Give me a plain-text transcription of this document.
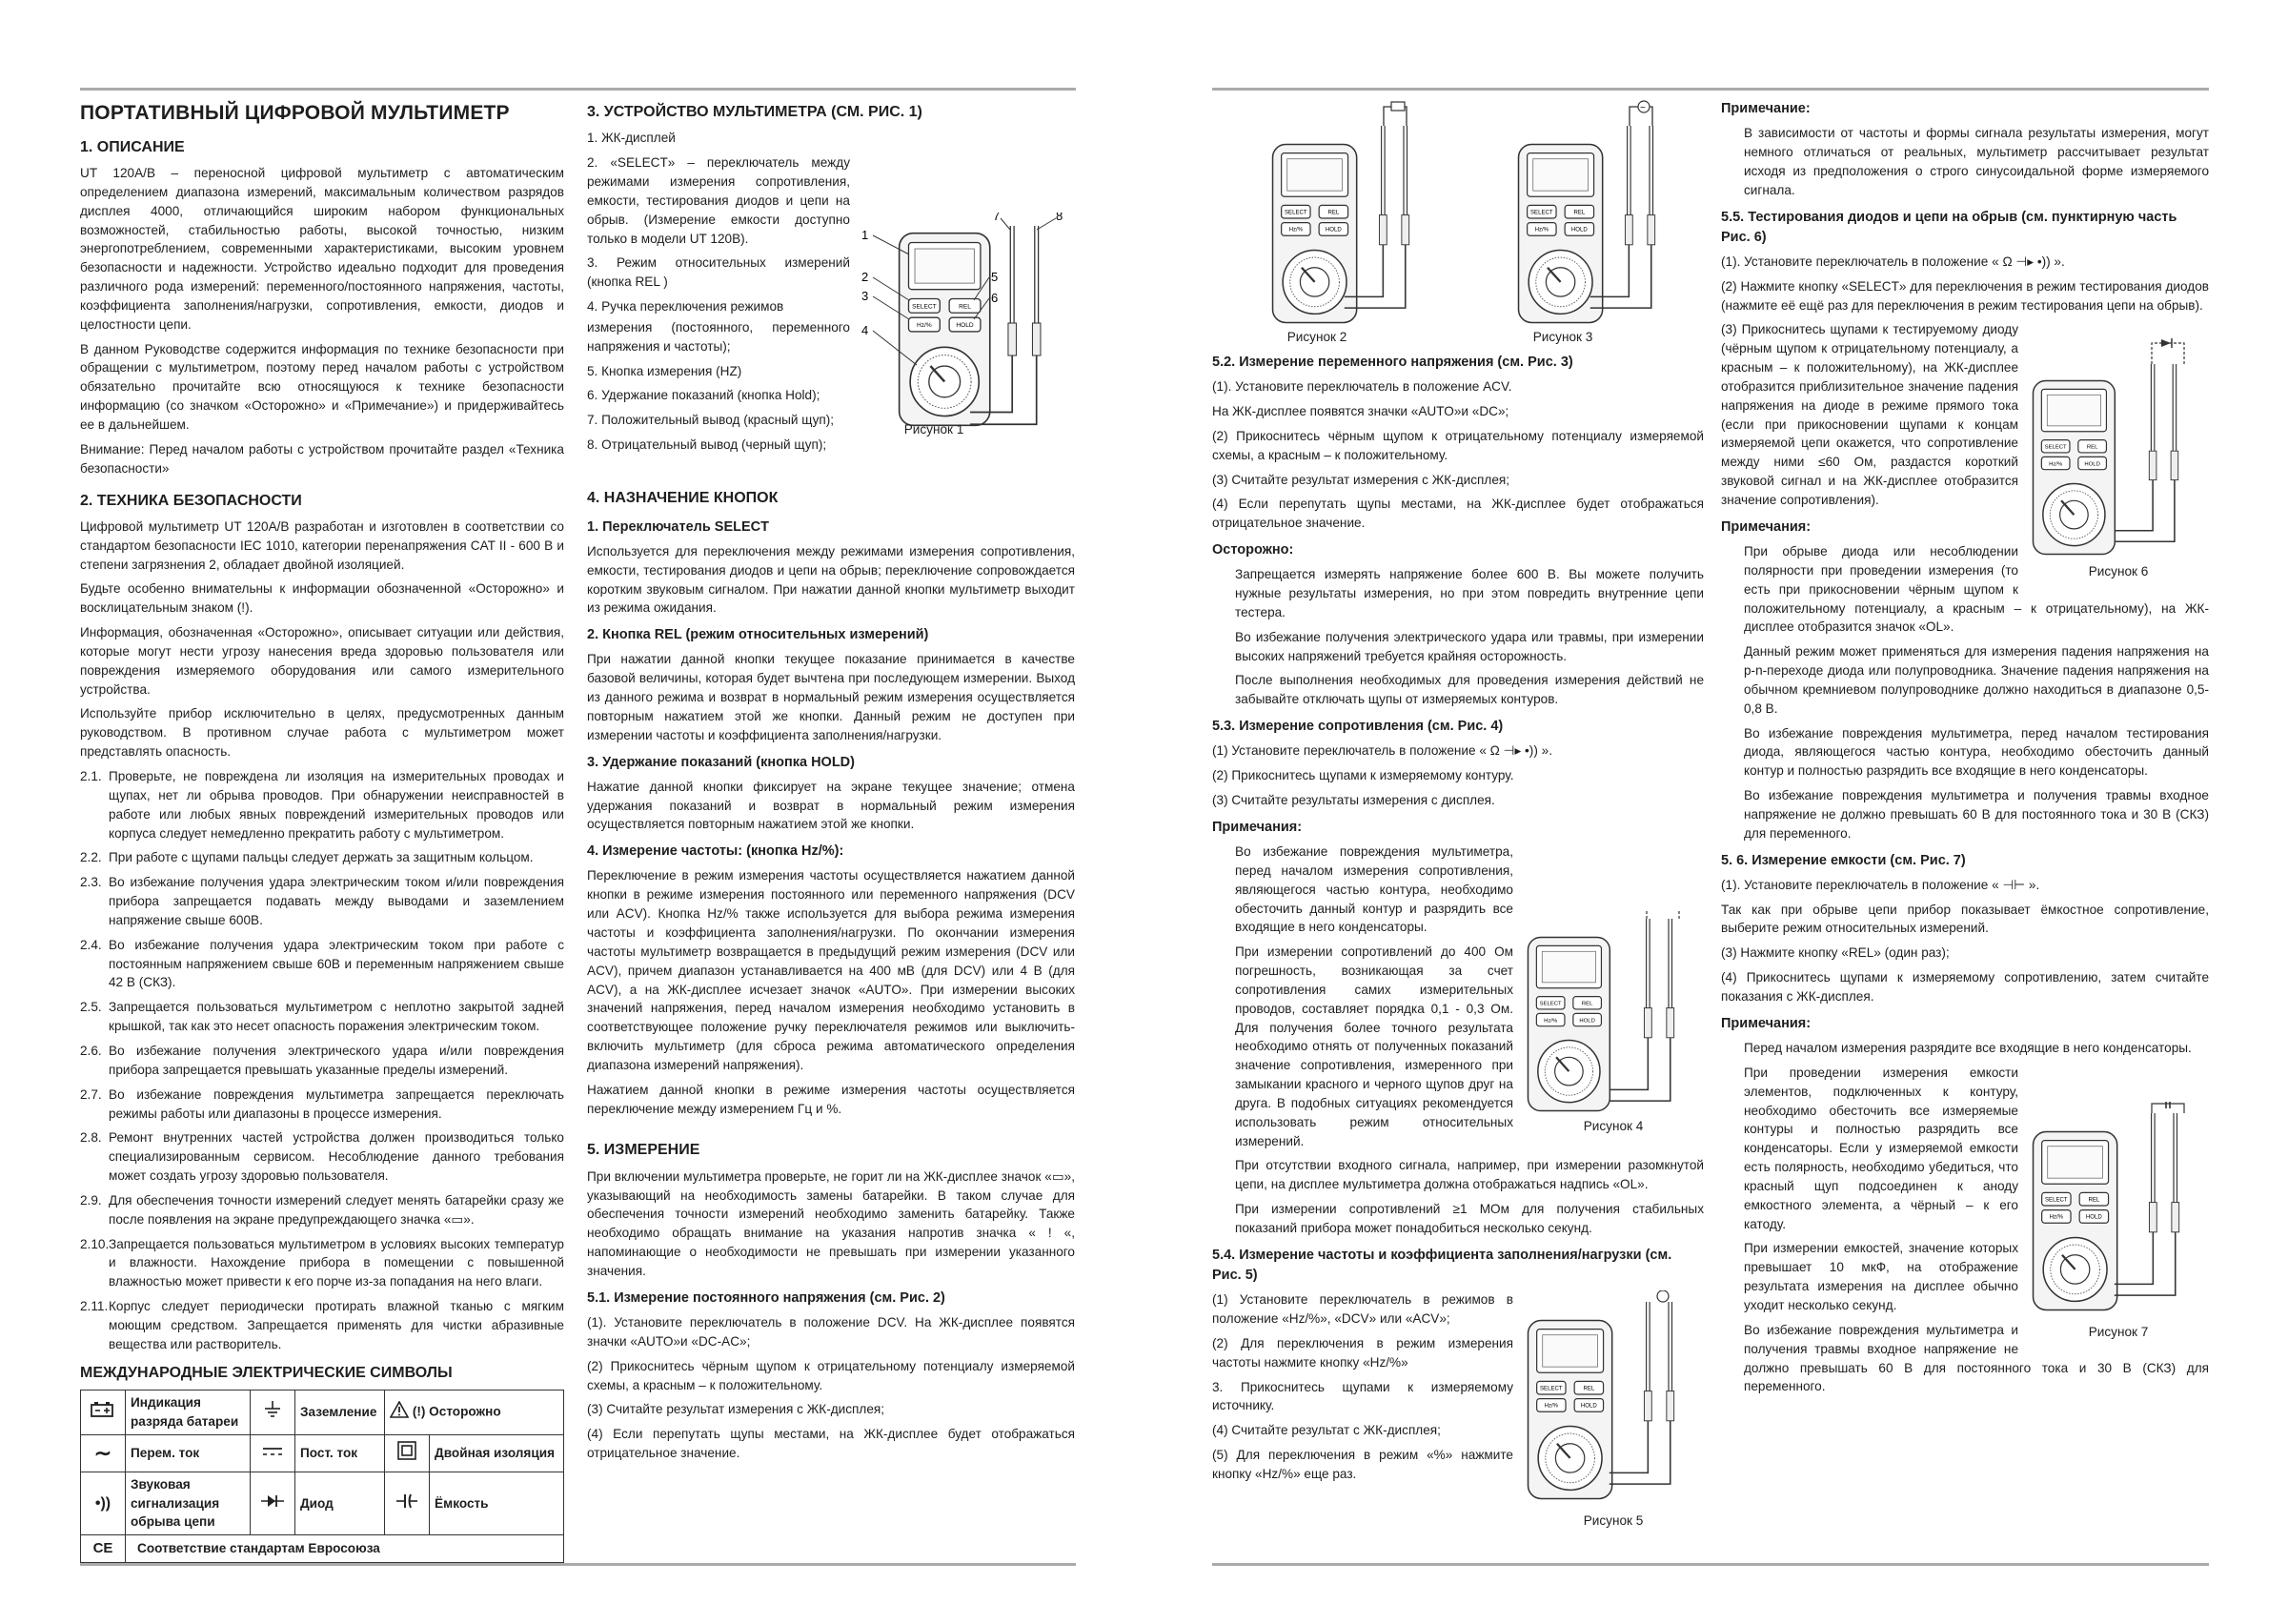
ПОРТАТИВНЫЙ ЦИФРОВОЙ МУЛЬТИМЕТР
1. ОПИСАНИЕ

UT 120A/B – переносной цифровой мультиметр с автоматическим определением диапазона измерений, максимальным количеством разрядов дисплея 4000, отличающийся широким набором функциональных возможностей, стабильностью работы, высокой точностью, низким энергопотреблением, современными характеристиками, высоким уровнем безопасности и надежности. Устройство идеально подходит для проведения различного рода измерений: переменного/постоянного напряжения, частоты, коэффициента заполнения/нагрузки, сопротивления, емкости, диодов и целостности цепи.

В данном Руководстве содержится информация по технике безопасности при обращении с мультиметром, поэтому перед началом работы с устройством обязательно прочитайте всю относящуюся к технике безопасности информацию (со значком «Осторожно» и «Примечание») и придерживайтесь ее в дальнейшем.

Внимание: Перед началом работы с устройством прочитайте раздел «Техника безопасности»

2. ТЕХНИКА БЕЗОПАСНОСТИ

Цифровой мультиметр UT 120A/B разработан и изготовлен в соответствии со стандартом безопасности IEC 1010, категории перенапряжения CAT II - 600 В и степени загрязнения 2, обладает двойной изоляцией.

Будьте особенно внимательны к информации обозначенной «Осторожно» и восклицательным знаком (!).

Информация, обозначенная «Осторожно», описывает ситуации или действия, которые могут нести угрозу нанесения вреда здоровью пользователя или повреждения измеряемого оборудования или самого измерительного устройства.

Используйте прибор исключительно в целях, предусмотренных данным руководством. В противном случае работа с мультиметром может представлять опасность.

2.1. Проверьте, не повреждена ли изоляция на измерительных проводах и щупах, нет ли обрыва проводов. При обнаружении неисправностей в работе или любых явных повреждений измерительных проводов или корпуса следует немедленно прекратить работу с мультиметром.
2.2. При работе с щупами пальцы следует держать за защитным кольцом.
2.3. Во избежание получения удара электрическим током и/или повреждения прибора запрещается подавать между выводами и заземлением напряжение свыше 600В.
2.4. Во избежание получения удара электрическим током при работе с постоянным напряжением свыше 60В и переменным напряжением свыше 42 В (СКЗ).
2.5. Запрещается пользоваться мультиметром с неплотно закрытой задней крышкой, так как это несет опасность поражения электрическим током.
2.6. Во избежание получения электрического удара и/или повреждения прибора запрещается превышать указанные пределы измерений.
2.7. Во избежание повреждения мультиметра запрещается переключать режимы работы или диапазоны в процессе измерения.
2.8. Ремонт внутренних частей устройства должен производиться только специализированным сервисом. Несоблюдение данного требования может создать угрозу здоровью пользователя.
2.9. Для обеспечения точности измерений следует менять батарейки сразу же после появления на экране предупреждающего значка «▭».
2.10. Запрещается пользоваться мультиметром в условиях высоких температур и влажности. Нахождение прибора в помещении с повышенной влажностью может привести к его порче из-за попадания на него влаги.
2.11. Корпус следует периодически протирать влажной тканью с мягким моющим средством. Запрещается применять для чистки абразивные вещества или растворитель.
МЕЖДУНАРОДНЫЕ ЭЛЕКТРИЧЕСКИЕ СИМВОЛЫ
	Индикация разряда батареи		Заземление	(!) Осторожно	
∼	Перем. ток		Пост. ток		Двойная изоляция
•))	Звуковая сигнализация обрыва цепи		Диод		Ёмкость
CE	Соответствие стандартам Евросоюза				
3. УСТРОЙСТВО МУЛЬТИМЕТРА (СМ. РИС. 1)

1. ЖК-дисплей

2. «SELECT» – переключатель между режимами измерения сопротивления, емкости, тестирования диодов и цепи на обрыв. (Измерение емкости доступно только в модели UT 120B).

3. Режим относительных измерений (кнопка REL )

4. Ручка переключения режимов

измерения (постоянного, переменного напряжения и частоты);

5. Кнопка измерения (HZ)

6. Удержание показаний (кнопка Hold);

7. Положительный вывод (красный щуп);

8. Отрицательный вывод (черный щуп);

1
2
3
4
5
6
7	8
Рисунок 1
4. НАЗНАЧЕНИЕ КНОПОК
1. Переключатель SELECT

Используется для переключения между режимами измерения сопротивления, емкости, тестирования диодов и цепи на обрыв; переключение сопровождается коротким звуковым сигналом. При нажатии данной кнопки мультиметр выходит из режима ожидания.

2. Кнопка REL (режим относительных измерений)

При нажатии данной кнопки текущее показание принимается в качестве базовой величины, которая будет вычтена при последующем измерении. Выход из данного режима и возврат в нормальный режим измерения осуществляется повторным нажатием этой же кнопки. Данный режим не доступен при измерении частоты и коэффициента заполнения/нагрузки.

3. Удержание показаний (кнопка HOLD)

Нажатие данной кнопки фиксирует на экране текущее значение; отмена удержания показаний и возврат в нормальный режим измерения осуществляется повторным нажатием этой же кнопки.

4. Измерение частоты: (кнопка Hz/%):

Переключение в режим измерения частоты осуществляется нажатием данной кнопки в режиме измерения постоянного или переменного напряжения (DCV или ACV). Кнопка Hz/% также используется для выбора режима измерения частоты и коэффициента заполнения/нагрузки. По окончании измерения частоты мультиметр возвращается в предыдущий режим измерения (DCV или ACV), причем диапазон устанавливается на 400 мВ (для DCV) или 4 В (для ACV), а на ЖК-дисплее исчезает значок «AUTO». При измерении высоких значений напряжения, перед началом измерения необходимо установить в соответствующее положение ручку переключателя режимов или выключить-включить мультиметр (для сброса режима автоматического определения диапазона измерений напряжения).

Нажатием данной кнопки в режиме измерения частоты осуществляется переключение между измерением Гц и %.

5. ИЗМЕРЕНИЕ

При включении мультиметра проверьте, не горит ли на ЖК-дисплее значок «▭», указывающий на необходимость замены батарейки. В таком случае для обеспечения точности измерений необходимо заменить батарейку. Также необходимо обращать внимание на указания напротив значка « ! «, напоминающие о необходимости не превышать при измерении указанного значения.

5.1. Измерение постоянного напряжения (см. Рис. 2)

(1). Установите переключатель в положение DCV. На ЖК-дисплее появятся значки «AUTO»и «DC-AC»;

(2) Прикоснитесь чёрным щупом к отрицательному потенциалу измеряемой схемы, а красным – к положительному.

(3) Считайте результат измерения с ЖК-дисплея;

(4) Если перепутать щупы местами, на ЖК-дисплее будет отображаться отрицательное значение.

Рисунок 2
~
Рисунок 3
5.2. Измерение переменного напряжения (см. Рис. 3)

(1). Установите переключатель в положение ACV.

На ЖК-дисплее появятся значки «AUTO»и «DC»;

(2) Прикоснитесь чёрным щупом к отрицательному потенциалу измеряемой схемы, а красным – к положительному.

(3) Считайте результат измерения с ЖК-дисплея;

(4) Если перепутать щупы местами, на ЖК-дисплее будет отображаться отрицательное значение.

Осторожно:

Запрещается измерять напряжение более 600 В. Вы можете получить нужные результаты измерения, но при этом повредить внутренние цепи тестера.

Во избежание получения электрического удара или травмы, при измерении высоких напряжений требуется крайняя осторожность.

После выполнения необходимых для проведения измерения действий не забывайте отключать щупы от измеряемых контуров.

5.3. Измерение сопротивления (см. Рис. 4)

(1) Установите переключатель в положение « Ω ⊣▸ •)) ».

(2) Прикоснитесь щупами к измеряемому контуру.

(3) Считайте результаты измерения с дисплея.

Примечания:
Рисунок 4

Во избежание повреждения мультиметра, перед началом измерения сопротивления, являющегося частью контура, необходимо обесточить данный контур и разрядить все входящие в него конденсаторы.

При измерении сопротивлений до 400 Ом погрешность, возникающая за счет сопротивления самих измерительных проводов, составляет порядка 0,1 - 0,3 Ом. Для получения более точного результата необходимо отнять от полученных показаний значение сопротивления, измеренного при замыкании красного и черного щупов друг на друга. В подобных ситуациях рекомендуется использовать режим относительных измерений.

При отсутствии входного сигнала, например, при измерении разомкнутой цепи, на дисплее мультиметра должна отображаться надпись «OL».

При измерении сопротивлений ≥1 МОм для получения стабильных показаний прибора может понадобиться несколько секунд.

5.4. Измерение частоты и коэффициента заполнения/нагрузки (см. Рис. 5)
Рисунок 5

(1) Установите переключатель в режимов в положение «Hz/%», «DCV» или «ACV»;

(2) Для переключения в режим измерения частоты нажмите кнопку «Hz/%»

3. Прикоснитесь щупами к измеряемому источнику.

(4) Считайте результат с ЖК-дисплея;

(5) Для переключения в режим «%» нажмите кнопку «Hz/%» еще раз.

Примечание:

В зависимости от частоты и формы сигнала результаты измерения, могут немного отличаться от реальных, мультиметр рассчитывает результат исходя из предположения о строго синусоидальной форме измеряемого сигнала.

5.5. Тестирования диодов и цепи на обрыв (см. пунктирную часть Рис. 6)

(1). Установите переключатель в положение « Ω ⊣▸ •)) ».

(2) Нажмите кнопку «SELECT» для переключения в режим тестирования диодов (нажмите её ещё раз для переключения в режим тестирования цепи на обрыв).

Рисунок 6

(3) Прикоснитесь щупами к тестируемому диоду (чёрным щупом к отрицательному потенциалу, а красным – к положительному), на ЖК-дисплее отобразится приблизительное значение падения напряжения на диоде в режиме прямого тока (если при прикосновении щупами к концам измеряемой цепи окажется, что сопротивление между ними ≤60 Ом, раздастся короткий звуковой сигнал и на ЖК-дисплее отобразится значение сопротивления).

Примечания:

При обрыве диода или несоблюдении полярности при проведении измерения (то есть при прикосновении чёрным щупом к положительному потенциалу, а красным – к отрицательному), на ЖК-дисплее отобразится значок «OL».

Данный режим может применяться для измерения падения напряжения на p-n-переходе диода или полупроводника. Значение падения напряжения на обычном кремниевом полупроводнике должно находиться в диапазоне 0,5-0,8 В.

Во избежание повреждения мультиметра, перед началом тестирования диода, являющегося частью контура, необходимо обесточить данный контур и полностью разрядить все входящие в него конденсаторы.

Во избежание повреждения мультиметра и получения травмы входное напряжение не должно превышать 60 В для постоянного тока и 30 В (СКЗ) для переменного.

5. 6. Измерение емкости (см. Рис. 7)

(1). Установите переключатель в положение « ⊣⊢ ».

Так как при обрыве цепи прибор показывает ёмкостное сопротивление, выберите режим относительных измерений.

(3) Нажмите кнопку «REL» (один раз);

(4) Прикоснитесь щупами к измеряемому сопротивлению, затем считайте показания с ЖК-дисплея.

Примечания:

Перед началом измерения разрядите все входящие в него конденсаторы.

Рисунок 7

При проведении измерения емкости элементов, подключенных к контуру, необходимо обесточить все измеряемые контуры и полностью разрядить все конденсаторы. Если у измеряемой емкости есть полярность, необходимо убедиться, что красный щуп подсоединен к аноду емкостного элемента, а чёрный – к его катоду.

При измерении емкостей, значение которых превышает 10 мкФ, на отображение результата измерения на дисплее обычно уходит несколько секунд.

Во избежание повреждения мультиметра и получения травмы входное напряжение не должно превышать 60 В для постоянного тока и 30 В (СКЗ) для переменного.
